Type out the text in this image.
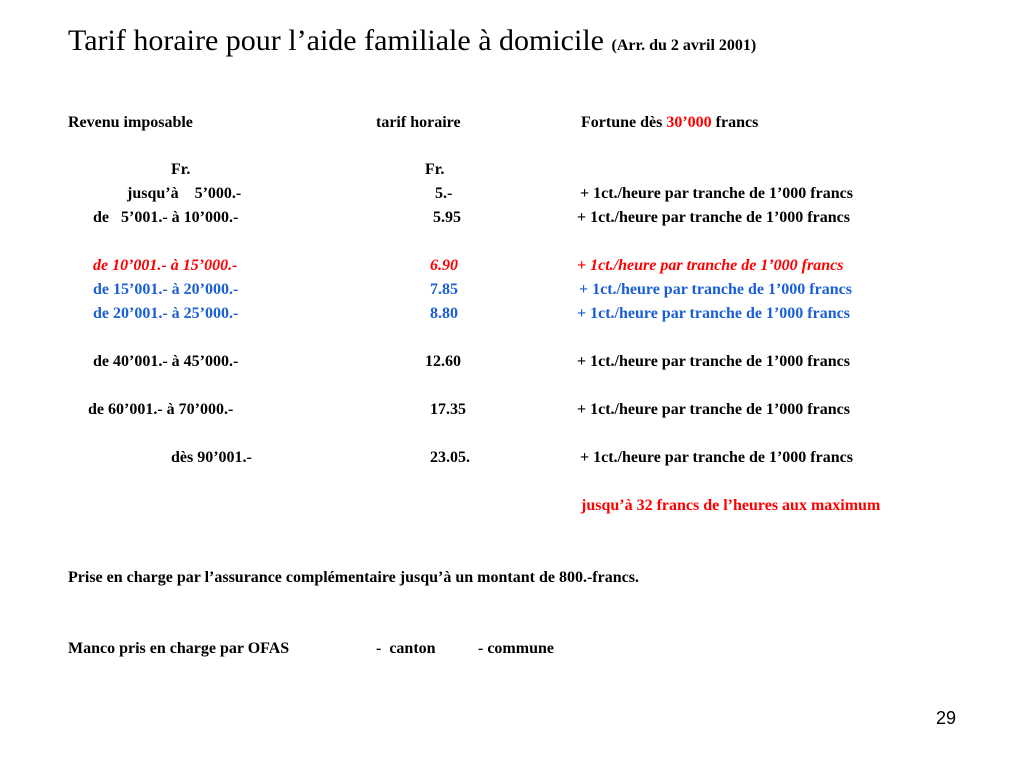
Tarif horaire pour l’aide familiale à domicile (Arr. du 2 avril 2001)
Revenu imposable	tarif horaire	Fortune dès 30’000 francs
Fr.	Fr.
jusqu’à    5’000.-	5.-	+ 1ct./heure par tranche de 1’000 francs
de   5’001.- à 10’000.-	5.95	+ 1ct./heure par tranche de 1’000 francs
de 10’001.- à 15’000.-	6.90	+ 1ct./heure par tranche de 1’000 francs
de 15’001.- à 20’000.-	7.85	+ 1ct./heure par tranche de 1’000 francs
de 20’001.- à 25’000.-	8.80	+ 1ct./heure par tranche de 1’000 francs
de 40’001.- à 45’000.-	12.60	+ 1ct./heure par tranche de 1’000 francs
de 60’001.- à 70’000.-	17.35	+ 1ct./heure par tranche de 1’000 francs
dès 90’001.-	23.05.	+ 1ct./heure par tranche de 1’000 francs
jusqu’à 32 francs de l’heures aux maximum
Prise en charge par l’assurance complémentaire jusqu’à un montant de 800.-francs.
Manco pris en charge par OFAS	-  canton	- commune
29
